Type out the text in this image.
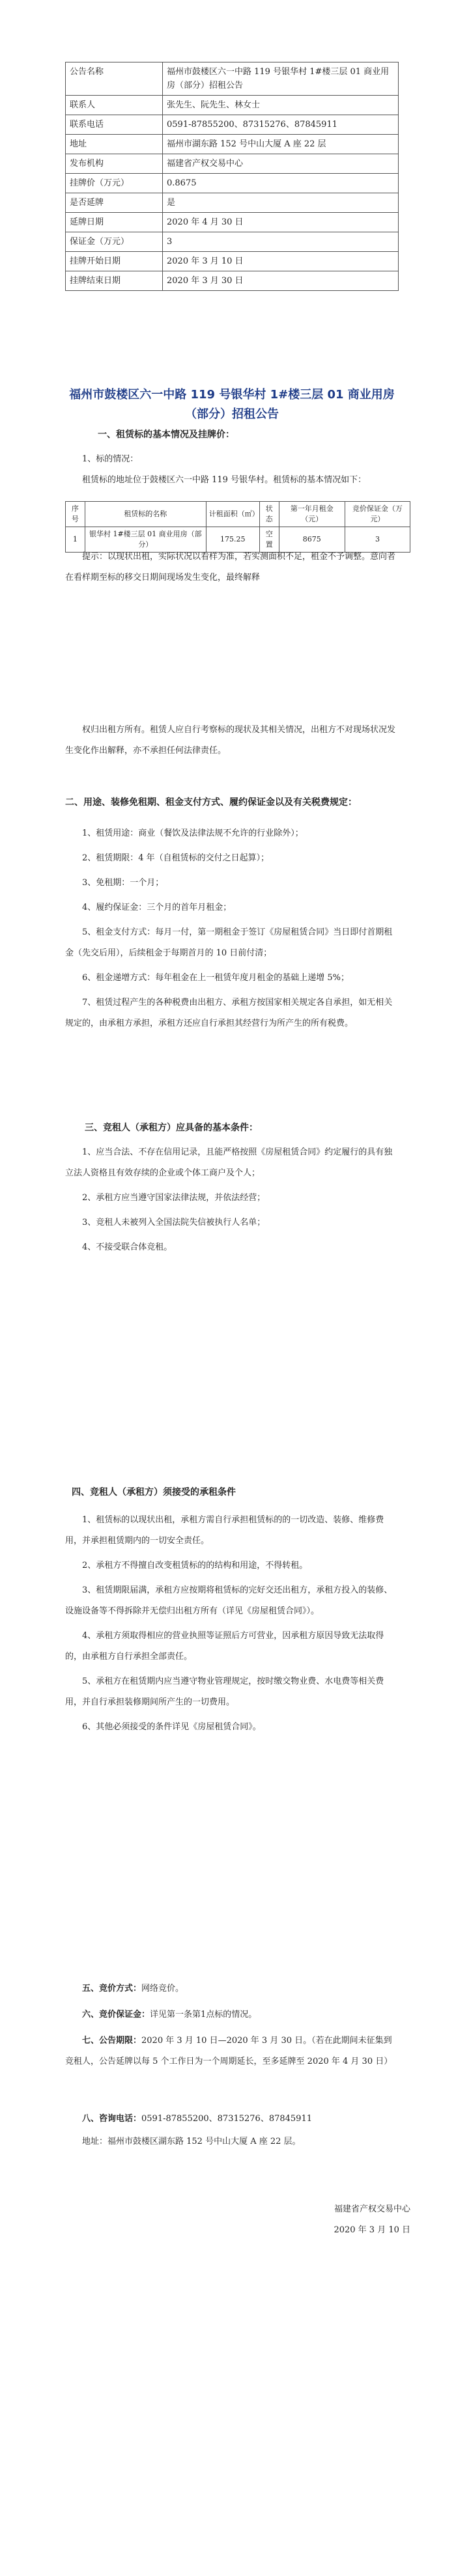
公告名称	福州市鼓楼区六一中路 119 号银华村 1#楼三层 01 商业用房（部分）招租公告
联系人	张先生、阮先生、林女士
联系电话	0591-87855200、87315276、87845911
地址	福州市湖东路 152 号中山大厦 A 座 22 层
发布机构	福建省产权交易中心
挂牌价（万元）	0.8675
是否延牌	是
延牌日期	2020 年 4 月 30 日
保证金（万元）	3
挂牌开始日期	2020 年 3 月 10 日
挂牌结束日期	2020 年 3 月 30 日
福州市鼓楼区六一中路 119 号银华村 1#楼三层 01 商业用房（部分）招租公告
一、租赁标的基本情况及挂牌价：
1、标的情况：
租赁标的地址位于鼓楼区六一中路 119 号银华村。租赁标的基本情况如下：
序号	租赁标的名称	计租面积（㎡）	状态	第一年月租金（元）	竞价保证金（万元）
1	银华村 1#楼三层 01 商业用房（部分）	175.25	空置	8675	3
提示：以现状出租，实际状况以看样为准，若实测面积不足，租金不予调整。意向者在看样期至标的移交日期间现场发生变化，最终解释
权归出租方所有。租赁人应自行考察标的现状及其相关情况，出租方不对现场状况发生变化作出解释，亦不承担任何法律责任。
二、用途、装修免租期、租金支付方式、履约保证金以及有关税费规定：
1、租赁用途：商业（餐饮及法律法规不允许的行业除外）；
2、租赁期限：4 年（自租赁标的交付之日起算）；
3、免租期：一个月；
4、履约保证金：三个月的首年月租金；
5、租金支付方式：每月一付，第一期租金于签订《房屋租赁合同》当日即付首期租金（先交后用），后续租金于每期首月的 10 日前付清；
6、租金递增方式：每年租金在上一租赁年度月租金的基础上递增 5%；
7、租赁过程产生的各种税费由出租方、承租方按国家相关规定各自承担，如无相关规定的，由承租方承担，承租方还应自行承担其经营行为所产生的所有税费。
三、竞租人（承租方）应具备的基本条件：
1、应当合法、不存在信用记录，且能严格按照《房屋租赁合同》约定履行的具有独立法人资格且有效存续的企业或个体工商户及个人；
2、承租方应当遵守国家法律法规，并依法经营；
3、竞租人未被列入全国法院失信被执行人名单；
4、不接受联合体竞租。
四、竞租人（承租方）须接受的承租条件
1、租赁标的以现状出租，承租方需自行承担租赁标的的一切改造、装修、维修费用，并承担租赁期内的一切安全责任。
2、承租方不得擅自改变租赁标的的结构和用途，不得转租。
3、租赁期限届满，承租方应按期将租赁标的完好交还出租方，承租方投入的装修、设施设备等不得拆除并无偿归出租方所有（详见《房屋租赁合同》）。
4、承租方须取得相应的营业执照等证照后方可营业，因承租方原因导致无法取得的，由承租方自行承担全部责任。
5、承租方在租赁期内应当遵守物业管理规定，按时缴交物业费、水电费等相关费用，并自行承担装修期间所产生的一切费用。
6、其他必须接受的条件详见《房屋租赁合同》。
五、竞价方式：网络竞价。
六、竞价保证金：详见第一条第1点标的情况。
七、公告期限：2020 年 3 月 10 日—2020 年 3 月 30 日。（若在此期间未征集到竞租人，公告延牌以每 5 个工作日为一个周期延长，至多延牌至 2020 年 4 月 30 日）
八、咨询电话：0591-87855200、87315276、87845911
地址：福州市鼓楼区湖东路 152 号中山大厦 A 座 22 层。
福建省产权交易中心
2020 年 3 月 10 日
